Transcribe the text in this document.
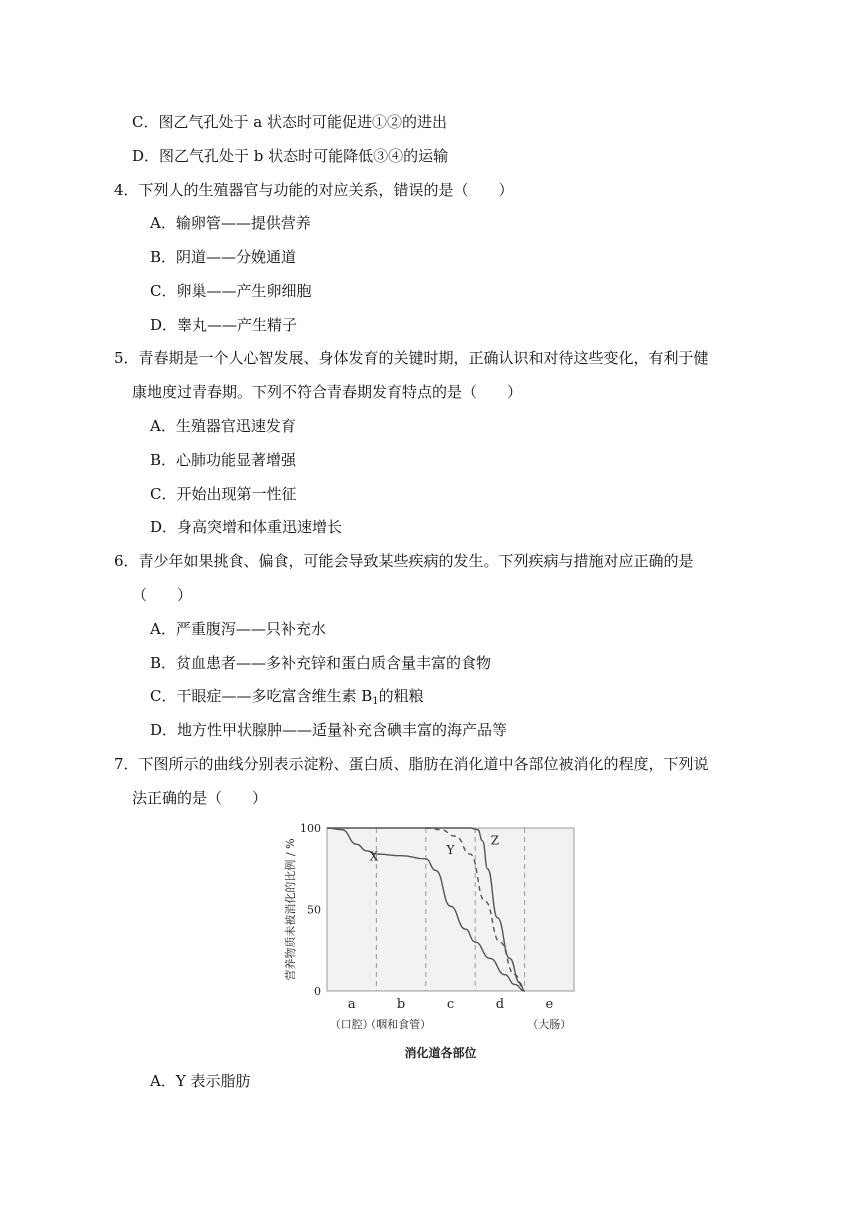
C．图乙气孔处于 a 状态时可能促进①②的进出
D．图乙气孔处于 b 状态时可能降低③④的运输
4．下列人的生殖器官与功能的对应关系，错误的是（　　）
A．输卵管——提供营养
B．阴道——分娩通道
C．卵巢——产生卵细胞
D．睾丸——产生精子
5．青春期是一个人心智发展、身体发育的关键时期，正确认识和对待这些变化，有利于健
康地度过青春期。下列不符合青春期发育特点的是（　　）
A．生殖器官迅速发育
B．心肺功能显著增强
C．开始出现第一性征
D．身高突增和体重迅速增长
6．青少年如果挑食、偏食，可能会导致某些疾病的发生。下列疾病与措施对应正确的是
（　　）
A．严重腹泻——只补充水
B．贫血患者——多补充锌和蛋白质含量丰富的食物
C．干眼症——多吃富含维生素 $B_1$的粗粮
D．地方性甲状腺肿——适量补充含碘丰富的海产品等
7．下图所示的曲线分别表示淀粉、蛋白质、脂肪在消化道中各部位被消化的程度，下列说
法正确的是（　　）
100
50
0
营养物质未被消化的比例 / %
a
（口腔）
b
（咽和食管）
c	d	e
（大肠）
消化道各部位
X	Y
Z
A．Y 表示脂肪
